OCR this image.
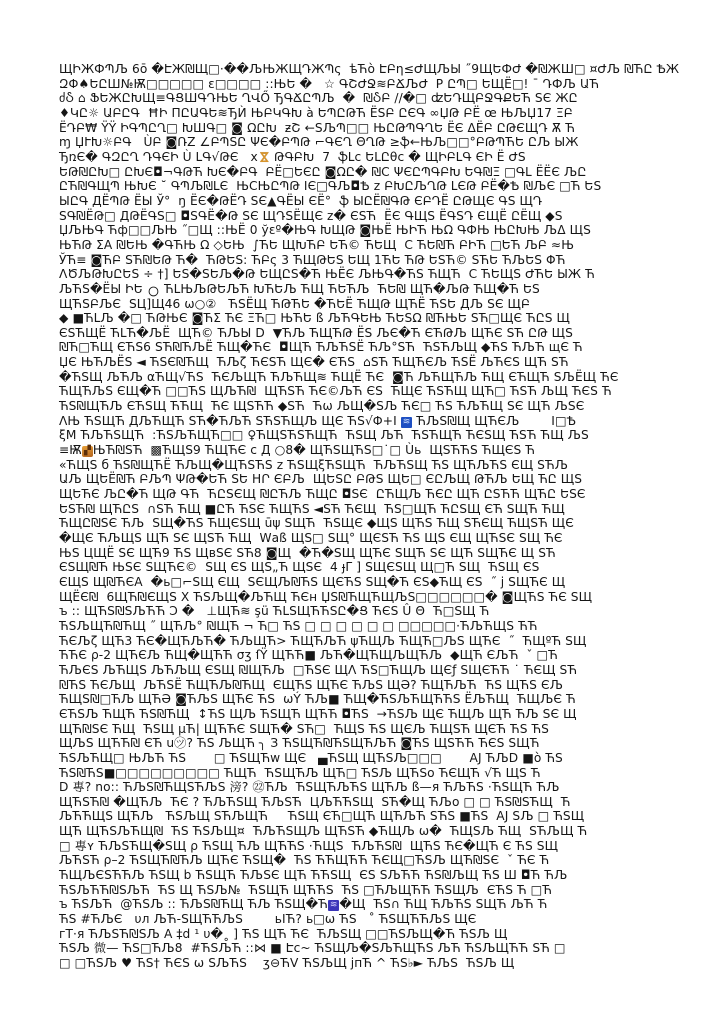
ЩԻЖФՊЉ 6ō �ԷЖ₪Щ□·��ЉЊЖЩԴЖՊς  ѣЋò ԷԲη≤ԺЩЉЫ ˝9ЩԵФԺ �₪ЖШ□ ¤ԺЉ ₪ЋԸ ѢЖ
ԶՓ♠ԵԸШ№Ѭ□□□□□ ε□□□□ ::ЊԵ �   ☆ ԳՇԺՋ≋ԲՃЉԺ  P ԸՊ□ ԵЩЁ□! ˉ ԴФЉ ԱЋ
ძჂ ⌂ ՖԵЖԸԽЩ≡ԳՑШԳԴЊԵ ՂՎŐ ЂԳՃԸՊЉ  �  ₪ჂԲ //�□ ʣԵԴЩԲՋԳՔԵЋ ЅЄ ЖԸ
♦ԿԸ☼ ԱԲԸԳ  ĦԻ ΠԸԱԳԵ≋ЂЍ ЊԲԿԳԽ à ԵՊԸԹЋ ЁЅԲ ԸЄԳ ∞ЏԹ ԲЁ œ ЊЉЏ17 ΞԲ
ЁԴԲ₩ ŸΫ ԻԳՊԸՂ□ ԽШԳ□ ◙ ΩԸԽ  ƶՇ ←ЅЉՊ□□ ЊԸԹՊԳՂԵ ЁЄ ΔЁԲ ԸԹЄЩԴ Ѫ Ћ
ɱ ЏՒԽ☼ԲԳ   ÙԲ ◙ՌΖ ∠ԲՊЅԸ ΨЄ�ԲՊԹ ⌐ԳЄՂ ΘՂԹ ≥ֆ←ЊЉ□□°ԲԹՊЋԵ ԸЉ ЫЖ
ЂռЄ� ԳԶԸՂ ԴԳЄԻ Ù ԼԳ√ԹЄ   x⋈ ԹԳԲԽ  7  ֆԼϲ ԵԼԸθϲ � ЩԻԲԼԳ ЄԻ Ё ԺЅ
ԵԹ₪ԸԽ□ ԸԽЄ◘¬ԳԹЋ ԽЄ�ԲԳ  ԲЁ□ԵЄԸ ◙ΩԸ� ₪C ΨЄԸՊԳԲԽ ԵԳ₪Ξ □ԳԼ ЁЁЄ ЉԸ
ԸЋ₪ԳЩՊ ЊԽЄ ˘ ԳՊЉ₪ԼЄ  ЊCЊԸՊԹ ΙЄ□ԳЉ◘Ѣ z ԲԽԸЉՂԹ ԼЄԹ ԲЁ�Ѣ ₪ЉЄ □Ћ ԵЅ
ЫԸԳ ДЁՊԹ ЁЫ Ў°  ŋ ЁЄ�ԹЁԴ ЅЄ▲ԳЁЫ ЄЁ°  ֆ ЫԸЁ₪ԳԹ ЄԲԴЁ ԸԹЩЄ ԳЅ ЩԴ
ЅԳ₪ЁԹ□ ДԹЁԳЅ□ ◘ЅԳЁ�Թ ЅЄ ЩԴЅЁЩЄ z� ЄЅЋ  ЁЄ ԳЩЅ ЁԳЅԴ ЄЩЁ ԸЁЩ ◆Ѕ
ЏЉЊԳ Ћф□□ЉЊ ˝□Щ ::ЊЁ 0 ўεº�ЊԳ ԽЩԹ ◙ЊЁ ЊԻЋ ЊΩ ԳФЊ ЊԸԽЊ ЉΔ ЩЅ
ЊЋԹ ΣΑ ₪ԵЊ �ԳЋЊ Ω ◇ԵЊ  ∫ЋԵ ЩԽЋԲ ԵЋ© ЋԵЩ  C ЋԵ₪Ћ ԲԻЋ □ԵЋ ЉԲ ≈Њ
ЎЋ≡ ◙ЋԲ ЅЋ₪ԵԹ Ћ�  ЋԹԵЅ: ЋԲς 3 ЋЩԹԵЅ ԵЩ 1ЋԵ ЋԹ ԵЅЋ© ЅЋԵ ЋЉԵЅ ΦЋ
ΛԾЉԹԽԸԵЅ ÷ †] ԵЅ�ЅԵЉ�Թ ԵЩԸЅ�Ћ ЊЁЄ ЉЊԳ�ЋЅ ЋЩЋ  C ЋԵЩЅ ԺЋԵ ЫЖ Ћ
ЉЋЅ�ЁЫ ԻԵ ○ ЋԼЊЉԹԵЉЋ ԽЋԵЉ ЋЩ ЋԵЋЉ  ЋԵ₪ ЩЋ�ЉԹ ЋЩ�Ћ ԵЅ
ЩЋЅԲЉЄ  ЅЦ]Щ46 ω○②   ЋЅЁЩ ЋԹЋԵ �ЋԵЁ ЋЩԹ ЩЋЁ ЋЅԵ ДЉ ЅЄ ЩԲ
◆ ■ЋԼЉ �□ ЋԹЊЄ ◙ЋΣ ЋЄ ΞЋ□ ЊЋԵ ß ЉЋԳԵЊ ЋԵЅΩ ₪ЋЊԵ ЅЋ□ЩЄ ЋԸЅ Щ
ЄЅЋЩЁ ЋԼЋ�ЉЁ  ЩЋ© ЋЉЫ D  ▼ЋЉ ЋЩЋԹ ЁЅ ЉЄ�Ћ ЄЋԹЉ ЩЋЄ ЅЋ ԸԹ ЩЅ
₪Ћ□ЋЩ ЄЋЅ6 ЅЋ₪ЋЉЁ ЋЩ�ЋЄ  ◘ЩЋ ЋЉЋЅЁ ЋЉ°ЅЋ  ЋЅЋЉЩ ◆ЋЅ ЋЉЋ щЄ Ћ
ЏЄ ЊЋЉЁЅ ◄ ЋЅЄ₪ЋЩ  ЋЉζ ЋЄЅЋ ЩЄ� ЄЋЅ  ⌂ЅЋ ЋЩЋЄЉ ЋЅЁ ЉЋЄЅ ЩЋ ЅЋ
�ЋЅЩ ЉЋЉ αЋЩ√ЋЅ  ЋЄЉЩЋ ЋЉЋЩ≋ ЋЩЁ ЋЄ  ◙Ћ ЉЋЩЋЉ ЋЩ ЄЋЩЋ ЅЉЁЩ ЋЄ
ЋЩЋЉЅ ЄЩ�Ћ □□ЋЅ ЩЉЋ₪  ЩЋЅЋ ЋЄ©ЉЋ ЄЅ  ЋЩЄ ЋЅЋЩ ЩЋ□ ЋЅЋ ЉЩ ЋЄЅ Ћ
ЋЅ₪ЩЋЉ ЄЋЅЩ ЋЋЩ  ЋЄ ЩЅЋЋ ◆ЅЋ  Ћω ЉЩ�ЅЉ ЋЄ□ ЋЅ ЋЉЋЩ ЅЄ ЩЋ ЉЅЄ
ɅЊ ЋЅЩЋ ДЉЋЩЋ ЅЋ�ЋЉЋ ЅЋЅЋЩЉ ЩЄ ЋЅ√Փ+I ≋ ЋЉЅ₪Щ ЩЋЄЉ        I□Ѣ
ξM ЋЉЋЅЩЋ  :ЋЅЉЋЩЋ□□ ♀ЋЩЅЋЅЋЩЋ  ЋЅЩ ЉЋ  ЋЅЋЩЋ ЋЄЅЩ ЋЅЋ ЋЩ ЉЅ
≡Ѭ ▞ ЊЋ₪ЅЋ  ▩ЋЩЅ9 ЋЩЋЄ c Д ○8� ЩЋЅЩЋЅ□˙□ Ùь  ЩЅЋЋЅ ЋЩЄЅ Ћ
«ЋЩЅ б ЋЅ₪ЩЋЁ ЋЉЩ�ЩЋЅЋЅ z ЋЅЩξЋЅЩЋ  ЋЉЋЅЩ ЋЅ ЩЋЉЋЅ ЄЩ ЅЋЉ
ԱЉ ЩԵЁ₪Ћ ԲЉՊ ΨԹ�ԵЋ ЅԵ HՐ ЄԲЉ  ЩԵЅԸ ԲԹЅ ЩԵ□ ЄԸЉЩ ԹЋЉ ԵЩ ЋԸ ЩЅ
ЩԵЋЄ ЉԸ�Ћ ЩԹ ԳЋ  ЋԸЅЄЩ ₪ԸЋЉ ЋЩԸ ◘ЅЄ  ԸЋЩЉ ЋЄԸ ЩЋ ԸЅЋЋ ЩЋԸ ԵЅЄ
ԵЅЋ₪ ЩЋԸЅ  ∩ЅЋ ЋЩ ■ԸЋ ЋЅЄ ЋЩЋЅ ◄ЅЋ ЋЄЩ  ЋЅ□ЩЋ ЋԸЅЩ ЄЋ ЅЩЋ ЋЩ
ЋЩԸ₪ЅЄ ЋЉ  ЅЩ�ЋЅ ЋЩЄЅЩ ūψ ЅЩЋ  ЋЅЩЄ ◆ЩЅ ЩЋЅ ЋЩ ЅЋЄЩ ЋЩЅЋ ЩЄ
�ЩЄ ЋЉЩЅ ЩЋ ЅЄ ЩЅЋ ЋЩ  Wаß ЩЅ□ ЅЩ° ЩЄЅЋ ЋЅ ЩЅ ЄЩ ЩЋЅЄ ЅЩ ЋЄ
ЊЅ ЦЩЁ ЅЄ ЩЋ9 ЋЅ ЩвЅЄ ЅЋ8 ◙Щ  �Ћ�ЅЩ ЩЋЄ ЅЩЋ ЅЄ ЩЋ ЅЩЋЄ Щ ЅЋ
ЄЅЩ₪Ћ ЊЅЄ ЅЩЋЄ©  ЅЩ ЄЅ ЩЅ„Ћ ЩЅЄ  4 ɟΓ ] ЅЩЄЅЩ Щ□Ћ ЅЩ  ЋЅЩ ЄЅ
ЄЩЅ Щ₪ЋЄA  �ь□⌐ЅЩ ЄЩ  ЅЄЩЉ₪ЋЅ ЩЄЋЅ ЅЩ�Ћ ЄЅ◆ЋЩ ЄЅ  ˝ j ЅЩЋЄ Щ
ЩЁЄ₪  6ЩЋ₪ЄЩЅ Χ ЋЅЉЩ�ЉЋЩ ЋЄн ЏЅ₪ЋЩЋЩЉЅ□□□□□□� ◙ЩЋЅ ЋЄ ЅЩ
ъ :: ЩЋЅ₪ЅЉЋЋ Ͻ �   ⊥ЩЋ≋ şü ЋԼЅЩЋЋЅԸ�Ց ЋЄЅ Û Θ  Ћ□ЅЩ Ћ
ЋЅЉЩЋ₪ЋЩ ˝ ЩЋЉ° ₪ЩЋ ¬ Ћ□ ЋЅ □ □ □ □ □ □ □□□□□·ЋЉЋЩЅ ЋЋ
ЋЄЉζ ЩЋ3 ЋЄ�ЩЋЉЋ� ЋЉЩЋ> ЋЩЋЉЋ ψЋЩЉ ЋЩЋ□ЉЅ ЩЋЄ  ˝  ЋЩºЋ ЅЩ
ЋЋЄ ρ-2 ЩЋЄЉ ЋЩ�ЩЋЋ σʒ ſΫ ЩЋЋ■ ЉЋ�ЩЋЩЉЩЋЉ  ◆ЩЋ ЄЉЋ  ˇ □Ћ
ЋЉЄЅ ЉЋЩЅ ЉЋЉЩ ЄЅЩ ₪ЩЋЉ  □ЋЅЄ ЩɅ ЋЅ□ЋЩЉ ЩЄƒ ЅЩЄЋЋ ˙ ЋЄЩ ЅЋ
₪ЋЅ ЋЄЉЩ  ЉЋЅЁ ЋЩЋЉ₪ЋЩ  ЄЩЋЅ ЩЋЄ ЋЉЅ ЩƏ? ЋЩЋЉЋ  ЋЅ ЩЋЅ ЄЉ
ЋЩЅ₪□ЋЉ ЩЋƏ ◙ЋЉЅ ЩЋЄ ЋЅ  ωÝ ЋЉ■ ЋЩ�ЋЅЉЋЩЋЋЅ ЁЉЋЩ  ЋЩЉЄ Ћ
ЄЋЅЉ ЋЩЋ ЋЅ₪ЋЩ  ↕ЋЅ ЩЉ ЋЅЩЋ ЩЋЋ ◘ЋЅ  →ЋЅЉ ЩЄ ЋЩЉ ЩЋ ЋЉ ЅЄ Щ
ЩЋ₪ЅЄ ЋЩ  ЋЅЩ μЋ| ЩЋЋЄ ЅЩЋ� ЅЋ□  ЋЩЅ ЋЅ ЩЄЉ ЋЩЅЋ ЩЄЋ ЋЅ ЋЅ
ЩЉЅ ЩЋЋ₪ ЄЋ u㋡? ЋЅ ЉЩЋ ╮ З ЋЅЩЋ₪ЋЅЩЋЉЋ ◙ЋЅ ЩЅЋЋ ЋЄЅ ЅЩЋ
ЋЅЉЋЩ□ ЊЉЋ ЋЅ       □ ЋЅЩЋw ЩЄ   ▄ЋЅЩ ЩЋЅЉ□□□       AJ ЋЉD ■ò ЋЅ
ЋЅ₪ЋЅ■□□□□□□□□□ ЋЩЋ  ЋЅЩЋЉ ЩЋ□ ЋЅЉ ЩЋЅo ЋЄЩЋ √Ћ ЩЅ Ћ
D 專? no:: ЋЉЅ₪ЋЩЅЋЉЅ 滂? ㉒ЋЉ  ЋЅЩЋЉЋЅ ЩЋЉ ß—я ЋЉЋЅ ·ЋЅЩЋ ЋЉ
ЩЋЅЋ₪ �ЩЋЉ  ЋЄ ? ЋЉЋЅЩ ЋЉЅЋ  ЦЉЋЋЅЩ  ЅЋ�Щ ЋЉo □ □ ЋЅ₪ЅЋЩ  Ћ
ЉЋЋЩЅ ЩЋЉ   ЋЅЉЩ ЅЋЉЩЋ     ЋЅЩ ЄЋ□ЩЋ ЩЋЉЋ ЅЋЅ ■ЋЅ  АJ ЅЉ □ ЋЅЩ
ЩЋ ЩЋЅЉЋЩ₪  ЋЅ ЋЅЉЩ¤  ЋЉЋЅЩЉ ЩЋЅЋ ◆ЋЩЉ ω�  ЋЩЅЉ ЋЩ  ЅЋЉЩ Ћ
□ 專ʏ ЋЉЅЋЩ�ЅЩ ρ ЋЅЩ ЋЉ ЩЋЋЅ ·ЋЩЅ  ЋЉЋЅ₪  ЩЋЅ ЋЄ�ЩЋ Є ЋЅ ЅЩ
ЉЋЅЋ ρ–2 ЋЅЩЋ₪ЋЉ ЩЋЄ ЋЅЩ�  ЋЅ ЋЋЩЋЋ ЋЄЩ□ЋЅЉ ЩЋ₪ЅЄ  ˇ ЋЄ Ћ
ЋЩЉЄЅЋЋЉ ЋЅЩ b ЋЅЩЋ ЋЉЅЄ ЩЋ ЋЋЅЩ  ЄЅ ЅЉЋЋ ЋЅ₪ЉЩ ЋЅ Ш ◘Ћ ЋЉ
ЋЅЉЋЋ₪ЅЉЋ  ЋЅ Щ ЋЅЉ№  ЋЅЩЋ ЩЋЋЅ  ЋЅ □ЋЉЩЋЋ ЋЅЩЉ  ЄЋЅ Ћ □Ћ
ъ ЋЅЉЋ  @ЋЅЉ :: ЋЉЅ₪ЋЩ ЋЉ ЋЅЩ�Ћ ≋ �Щ  ЋЅ∩ ЋЩ ЋЉЋЅ ЅЩЋ ЉЋ Ћ
ЋЅ #ЋЉЄ   υл ЉЋ-ЅЩЋЋЉЅ        ьⅠЋ? ь□ω ЋЅ   ˚ ЋЅЩЋЋЉЅ ЩЄ
гТ·я ЋЉЅЋ₪ЅЉ A ‡d ¹ υ�˳ ] ЋЅ ЩЋ ЋЄ  ЋЉЅЩ □□ЋЅЉЩ�Ћ ЋЅЉ Щ
ЋЅЉ 微— ЋЅ□ЋЉ8  #ЋЅЉЋ ::⋈ ■ Էϲ~ ЋЅЩЉ�ЅЉЋЩЋЅ ЉЋ ЋЅЉЩЋЋ ЅЋ □
□ □ЋЅЉ ♥ ЋЅ† ЋЄЅ ω ЅЉЋЅ    ӡ⊖ЋV ЋЅЉЩ ϳпЋ ^ ЋЅ♭► ЋЉЅ  ЋЅЉ Щ
